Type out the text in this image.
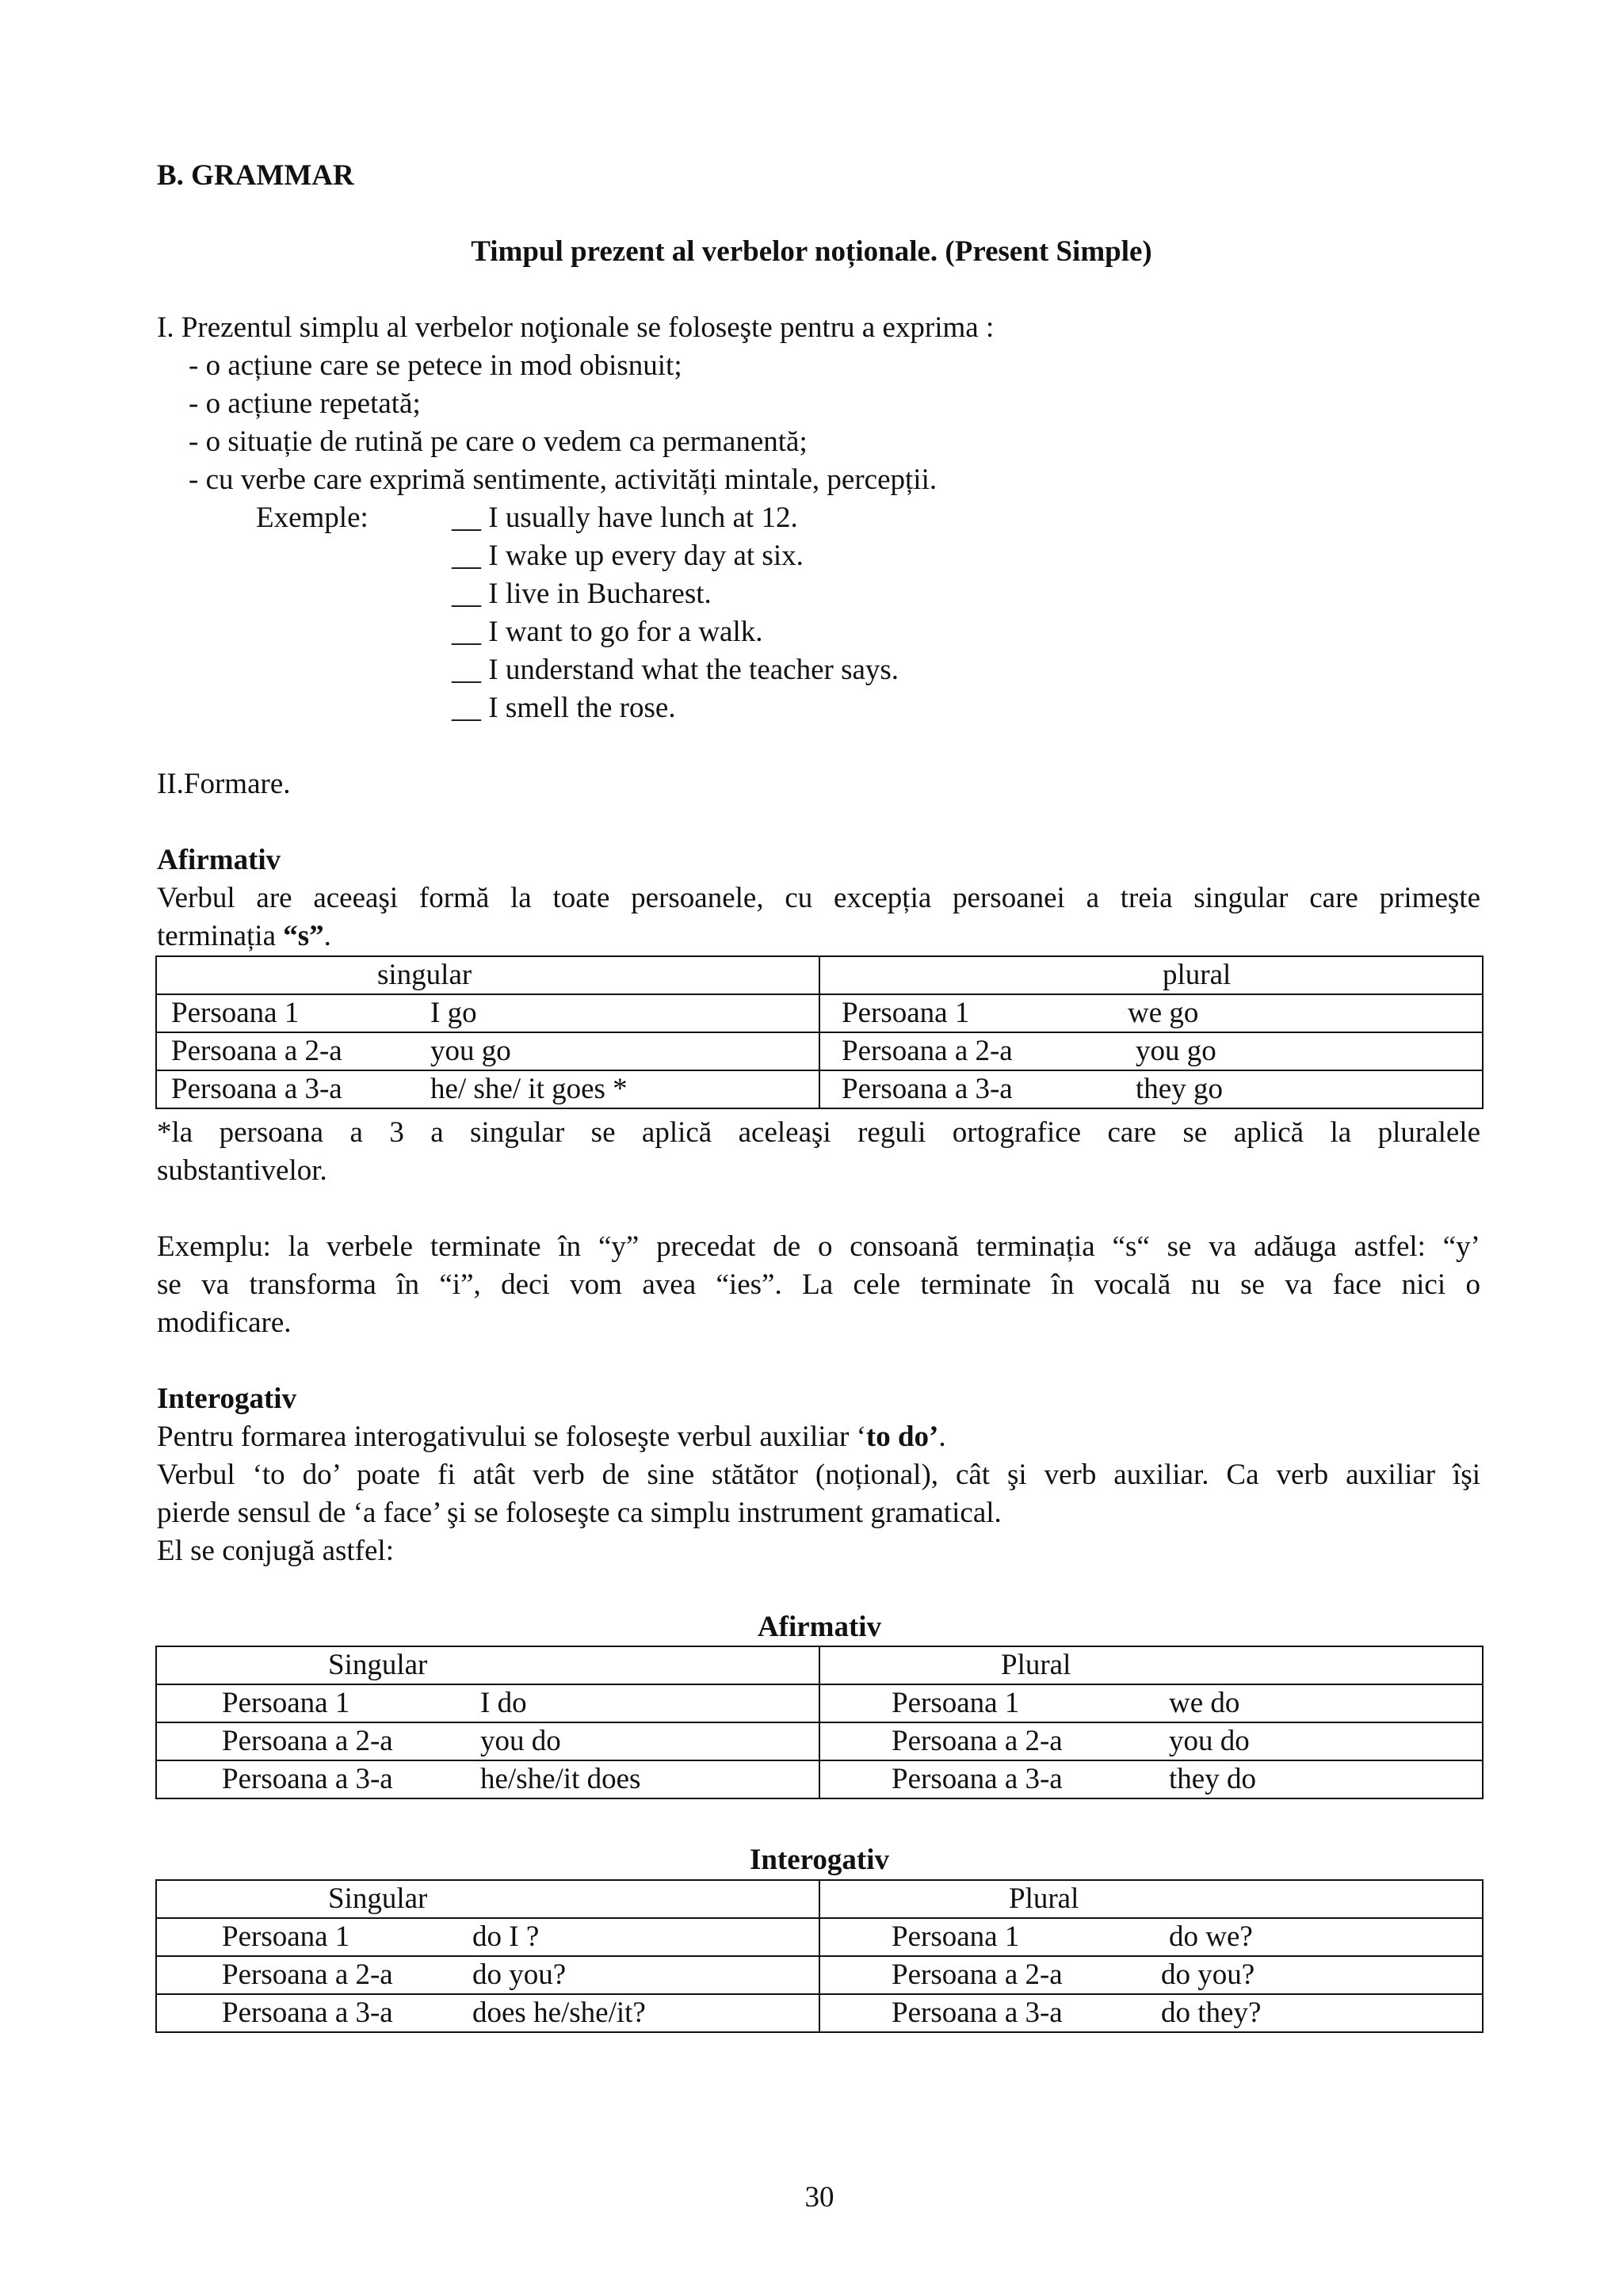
B. GRAMMAR
Timpul prezent al verbelor noționale. (Present Simple)
I. Prezentul simplu al verbelor noţionale se foloseşte pentru a exprima :
- o acțiune care se petece in mod obisnuit;
- o acțiune repetată;
- o situație de rutină pe care o vedem ca permanentă;
- cu verbe care exprimă sentimente, activități mintale, percepții.
Exemple:	__ I usually have lunch at 12.
__ I wake up every day at six.
__ I live in Bucharest.
__ I want to go for a walk.
__ I understand what the teacher says.
__ I smell the rose.
II.Formare.
Afirmativ
Verbul are aceeaşi formă la toate persoanele, cu excepția persoanei a treia singular care primeşte
terminația “s”.
singular	plural

Persoana 1 I go	Persoana 1 we go

Persoana a 2-a you go	Persoana a 2-a you go

Persoana a 3-a he/ she/ it goes *	Persoana a 3-a they go
*la persoana a 3 a singular se aplică aceleaşi reguli ortografice care se aplică la pluralele
substantivelor.
Exemplu: la verbele terminate în “y” precedat de o consoană terminația “s“ se va adăuga astfel: “y’
se va transforma în “i”, deci vom avea “ies”. La cele terminate în vocală nu se va face nici o
modificare.
Interogativ
Pentru formarea interogativului se foloseşte verbul auxiliar ‘to do’.
Verbul ‘to do’ poate fi atât verb de sine stătător (noțional), cât şi verb auxiliar. Ca verb auxiliar îşi
pierde sensul de ‘a face’ şi se foloseşte ca simplu instrument gramatical.
El se conjugă astfel:
Afirmativ
Singular	Plural

Persoana 1 I do	Persoana 1 we do

Persoana a 2-a you do	Persoana a 2-a you do

Persoana a 3-a he/she/it does	Persoana a 3-a they do
Interogativ
Singular	Plural

Persoana 1 do I ?	Persoana 1 do we?

Persoana a 2-a do you?	Persoana a 2-a do you?

Persoana a 3-a does he/she/it?	Persoana a 3-a do they?
30
